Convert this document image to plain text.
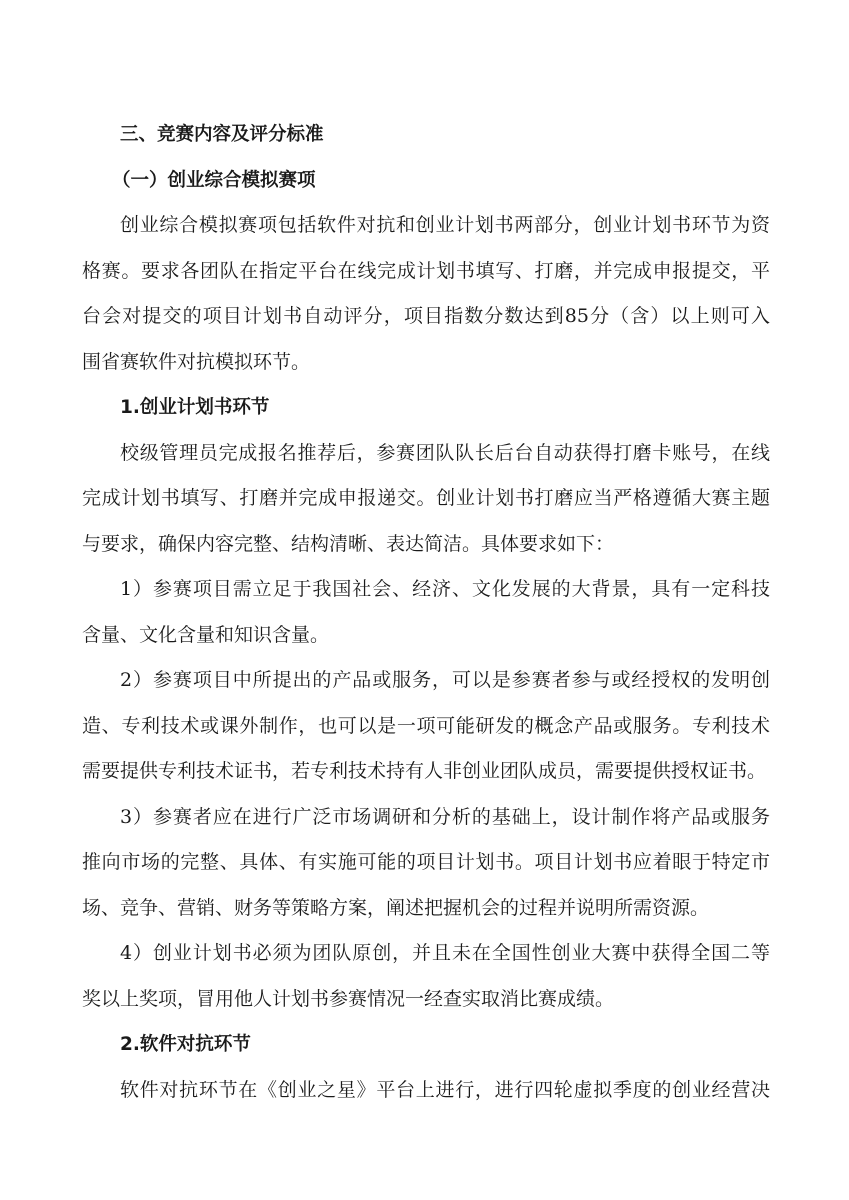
三、竞赛内容及评分标准
（一）创业综合模拟赛项
创业综合模拟赛项包括软件对抗和创业计划书两部分，创业计划书环节为资
格赛。要求各团队在指定平台在线完成计划书填写、打磨，并完成申报提交，平
台会对提交的项目计划书自动评分，项目指数分数达到85分（含）以上则可入
围省赛软件对抗模拟环节。
1.创业计划书环节
校级管理员完成报名推荐后，参赛团队队长后台自动获得打磨卡账号，在线
完成计划书填写、打磨并完成申报递交。创业计划书打磨应当严格遵循大赛主题
与要求，确保内容完整、结构清晰、表达简洁。具体要求如下：
1）参赛项目需立足于我国社会、经济、文化发展的大背景，具有一定科技
含量、文化含量和知识含量。
2）参赛项目中所提出的产品或服务，可以是参赛者参与或经授权的发明创
造、专利技术或课外制作，也可以是一项可能研发的概念产品或服务。专利技术
需要提供专利技术证书，若专利技术持有人非创业团队成员，需要提供授权证书。
3）参赛者应在进行广泛市场调研和分析的基础上，设计制作将产品或服务
推向市场的完整、具体、有实施可能的项目计划书。项目计划书应着眼于特定市
场、竞争、营销、财务等策略方案，阐述把握机会的过程并说明所需资源。
4）创业计划书必须为团队原创，并且未在全国性创业大赛中获得全国二等
奖以上奖项，冒用他人计划书参赛情况一经查实取消比赛成绩。
2.软件对抗环节
软件对抗环节在《创业之星》平台上进行，进行四轮虚拟季度的创业经营决
